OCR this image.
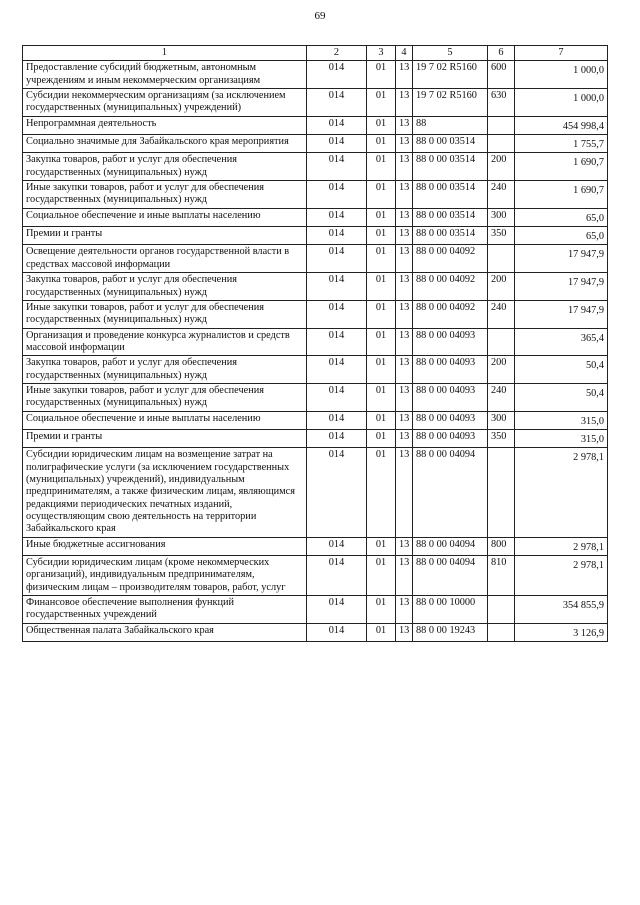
69
1	2	3	4	5	6	7
Предоставление субсидий бюджетным, автономным учреждениям и иным некоммерческим организациям	014	01	13	19 7 02 R5160	600	1 000,0

Субсидии некоммерческим организациям (за исключением государственных (муниципальных) учреждений)	014	01	13	19 7 02 R5160	630	1 000,0

Непрограммная деятельность	014	01	13	88		454 998,4

Социально значимые для Забайкальского края мероприятия	014	01	13	88 0 00 03514		1 755,7

Закупка товаров, работ и услуг для обеспечения государственных (муниципальных) нужд	014	01	13	88 0 00 03514	200	1 690,7

Иные закупки товаров, работ и услуг для обеспечения государственных (муниципальных) нужд	014	01	13	88 0 00 03514	240	1 690,7

Социальное обеспечение и иные выплаты населению	014	01	13	88 0 00 03514	300	65,0

Премии и гранты	014	01	13	88 0 00 03514	350	65,0

Освещение деятельности органов государственной власти в средствах массовой информации	014	01	13	88 0 00 04092		17 947,9

Закупка товаров, работ и услуг для обеспечения государственных (муниципальных) нужд	014	01	13	88 0 00 04092	200	17 947,9

Иные закупки товаров, работ и услуг для обеспечения государственных (муниципальных) нужд	014	01	13	88 0 00 04092	240	17 947,9

Организация и проведение конкурса журналистов и средств массовой информации	014	01	13	88 0 00 04093		365,4

Закупка товаров, работ и услуг для обеспечения государственных (муниципальных) нужд	014	01	13	88 0 00 04093	200	50,4

Иные закупки товаров, работ и услуг для обеспечения государственных (муниципальных) нужд	014	01	13	88 0 00 04093	240	50,4

Социальное обеспечение и иные выплаты населению	014	01	13	88 0 00 04093	300	315,0

Премии и гранты	014	01	13	88 0 00 04093	350	315,0

Субсидии юридическим лицам на возмещение затрат на полиграфические услуги (за исключением государственных (муниципальных) учреждений), индивидуальным предпринимателям, а также физическим лицам, являющимся редакциями периодических печатных изданий, осуществляющим свою деятельность на территории Забайкальского края	014	01	13	88 0 00 04094		2 978,1

Иные бюджетные ассигнования	014	01	13	88 0 00 04094	800	2 978,1

Субсидии юридическим лицам (кроме некоммерческих организаций), индивидуальным предпринимателям, физическим лицам – производителям товаров, работ, услуг	014	01	13	88 0 00 04094	810	2 978,1

Финансовое обеспечение выполнения функций государственных учреждений	014	01	13	88 0 00 10000		354 855,9

Общественная палата Забайкальского края	014	01	13	88 0 00 19243		3 126,9
